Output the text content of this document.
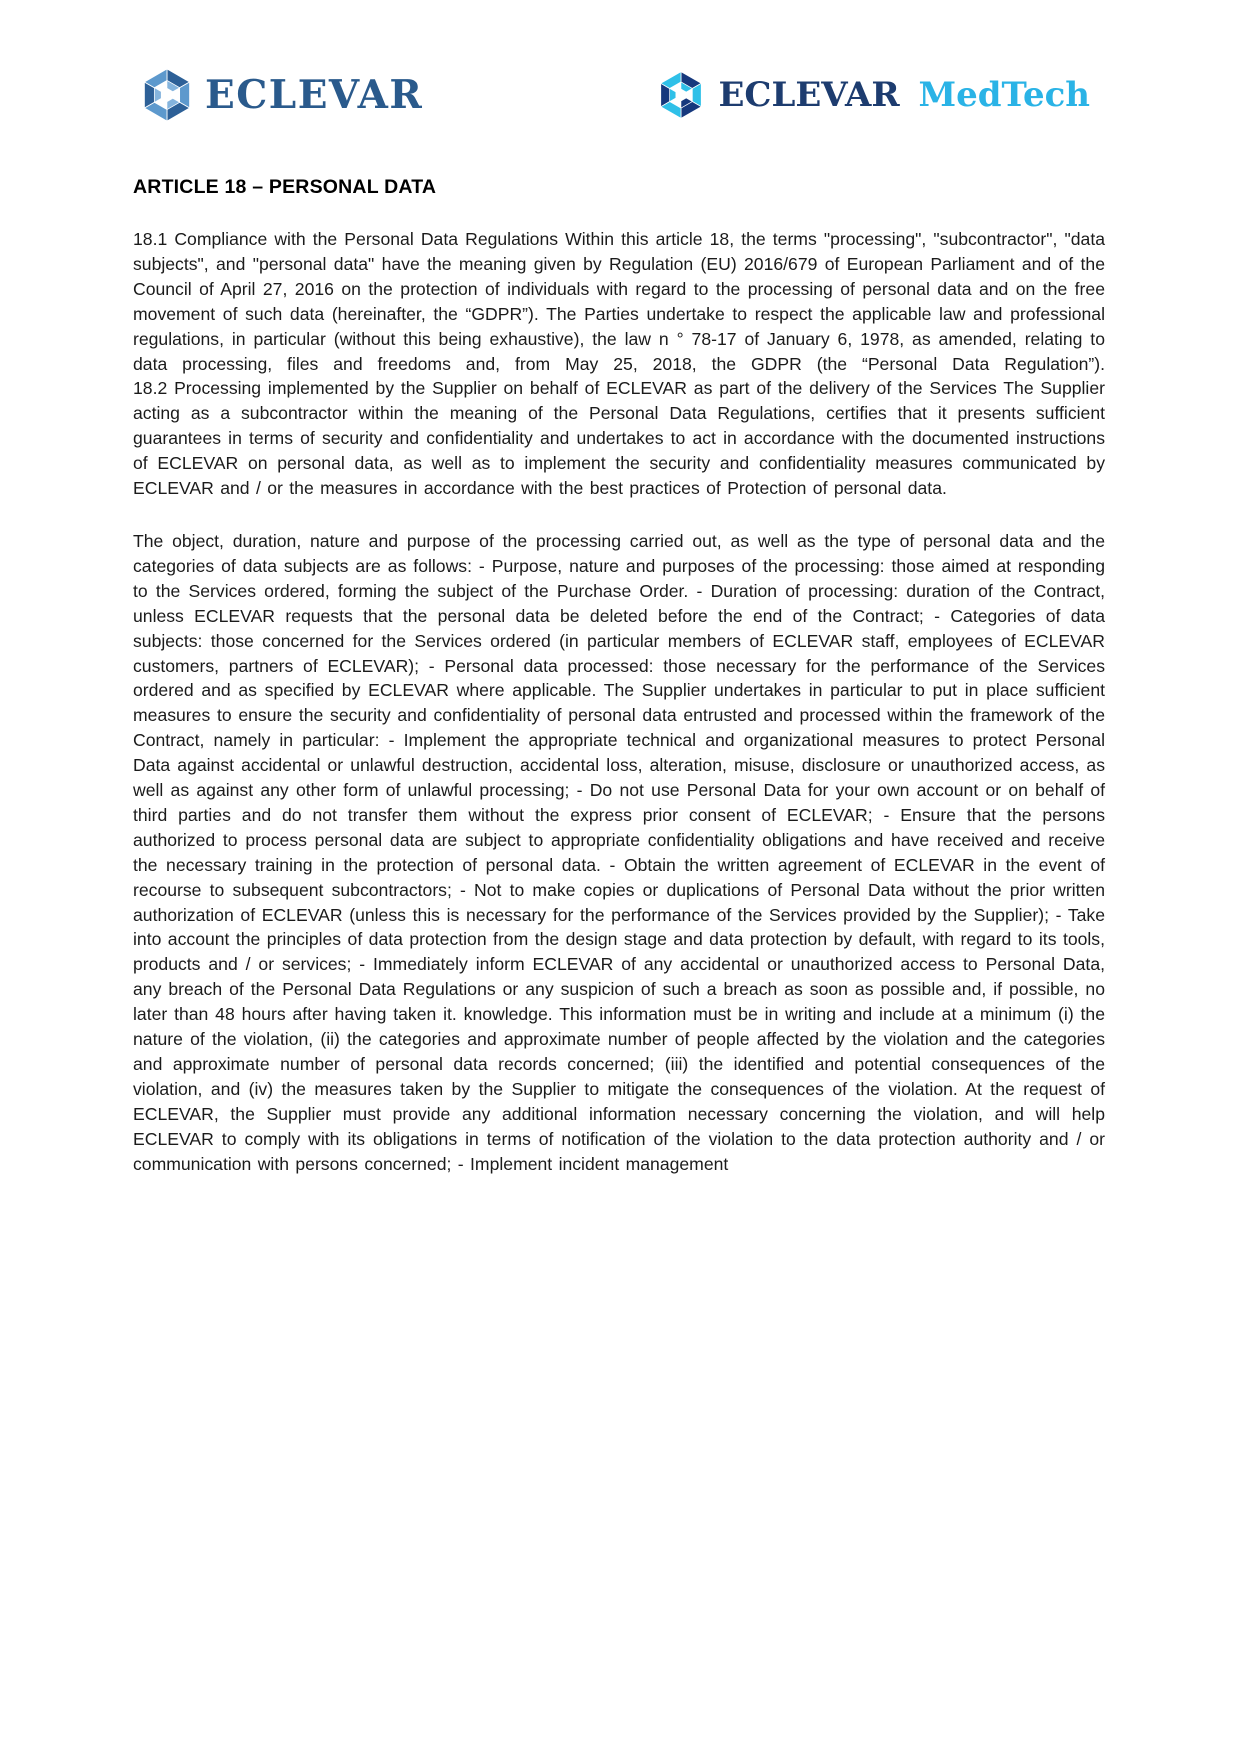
ECLEVAR	ECLEVAR MedTech
ARTICLE 18 – PERSONAL DATA

18.1 Compliance with the Personal Data Regulations Within this article 18, the terms "processing", "subcontractor", "data subjects", and "personal data" have the meaning given by Regulation (EU) 2016/679 of European Parliament and of the Council of April 27, 2016 on the protection of individuals with regard to the processing of personal data and on the free movement of such data (hereinafter, the “GDPR”). The Parties undertake to respect the applicable law and professional regulations, in particular (without this being exhaustive), the law n ° 78-17 of January 6, 1978, as amended, relating to data processing, files and freedoms and, from May 25, 2018, the GDPR (the “Personal Data Regulation”).
18.2 Processing implemented by the Supplier on behalf of ECLEVAR as part of the delivery of the Services The Supplier acting as a subcontractor within the meaning of the Personal Data Regulations, certifies that it presents sufficient guarantees in terms of security and confidentiality and undertakes to act in accordance with the documented instructions of ECLEVAR on personal data, as well as to implement the security and confidentiality measures communicated by ECLEVAR and / or the measures in accordance with the best practices of Protection of personal data.

The object, duration, nature and purpose of the processing carried out, as well as the type of personal data and the categories of data subjects are as follows: - Purpose, nature and purposes of the processing: those aimed at responding to the Services ordered, forming the subject of the Purchase Order. - Duration of processing: duration of the Contract, unless ECLEVAR requests that the personal data be deleted before the end of the Contract; - Categories of data subjects: those concerned for the Services ordered (in particular members of ECLEVAR staff, employees of ECLEVAR customers, partners of ECLEVAR); - Personal data processed: those necessary for the performance of the Services ordered and as specified by ECLEVAR where applicable. The Supplier undertakes in particular to put in place sufficient measures to ensure the security and confidentiality of personal data entrusted and processed within the framework of the Contract, namely in particular: - Implement the appropriate technical and organizational measures to protect Personal Data against accidental or unlawful destruction, accidental loss, alteration, misuse, disclosure or unauthorized access, as well as against any other form of unlawful processing; - Do not use Personal Data for your own account or on behalf of third parties and do not transfer them without the express prior consent of ECLEVAR; - Ensure that the persons authorized to process personal data are subject to appropriate confidentiality obligations and have received and receive the necessary training in the protection of personal data. - Obtain the written agreement of ECLEVAR in the event of recourse to subsequent subcontractors; - Not to make copies or duplications of Personal Data without the prior written authorization of ECLEVAR (unless this is necessary for the performance of the Services provided by the Supplier); - Take into account the principles of data protection from the design stage and data protection by default, with regard to its tools, products and / or services; - Immediately inform ECLEVAR of any accidental or unauthorized access to Personal Data, any breach of the Personal Data Regulations or any suspicion of such a breach as soon as possible and, if possible, no later than 48 hours after having taken it. knowledge. This information must be in writing and include at a minimum (i) the nature of the violation, (ii) the categories and approximate number of people affected by the violation and the categories and approximate number of personal data records concerned; (iii) the identified and potential consequences of the violation, and (iv) the measures taken by the Supplier to mitigate the consequences of the violation. At the request of ECLEVAR, the Supplier must provide any additional information necessary concerning the violation, and will help ECLEVAR to comply with its obligations in terms of notification of the violation to the data protection authority and / or communication with persons concerned; - Implement incident management
